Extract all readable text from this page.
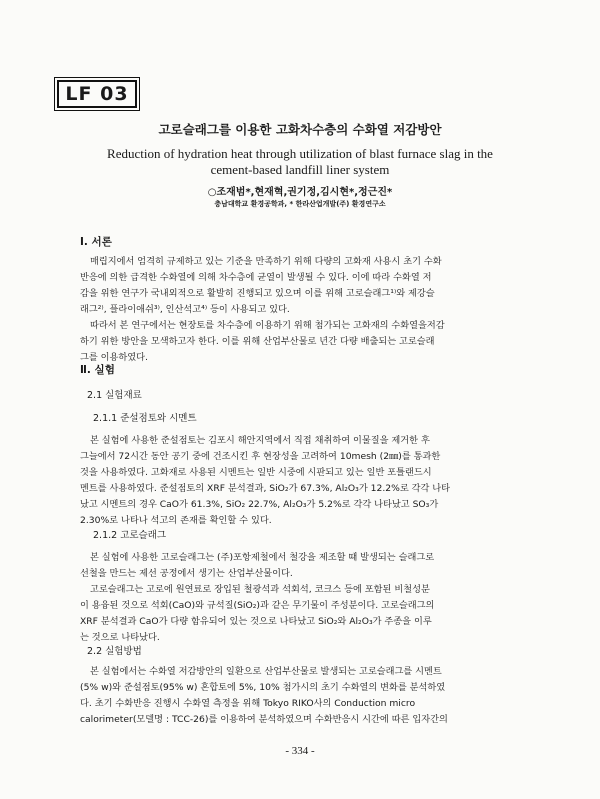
LF 03
고로슬래그를 이용한 고화차수층의 수화열 저감방안
Reduction of hydration heat through utilization of blast furnace slag in the
cement-based landfill liner system
○조재범*,현재혁,권기정,김시현*,정근진*
충남대학교 환경공학과, * 한라산업개발(주) 환경연구소
Ⅰ. 서론

매립지에서 엄격히 규제하고 있는 기준을 만족하기 위해 다량의 고화재 사용시 초기 수화
반응에 의한 급격한 수화열에 의해 차수층에 균열이 발생될 수 있다. 이에 따라 수화열 저
감을 위한 연구가 국내외적으로 활발히 진행되고 있으며 이를 위해 고로슬래그¹⁾와 제강슬
래그²⁾, 플라이애쉬³⁾, 인산석고⁴⁾ 등이 사용되고 있다.

따라서 본 연구에서는 현장토를 차수층에 이용하기 위해 첨가되는 고화재의 수화열을저감
하기 위한 방안을 모색하고자 한다. 이를 위해 산업부산물로 년간 다량 배출되는 고로슬래
그를 이용하였다.

Ⅱ. 실험
2.1 실험재료
2.1.1 준설점토와 시멘트

본 실험에 사용한 준설점토는 김포시 해안지역에서 직접 채취하여 이물질을 제거한 후
그늘에서 72시간 동안 공기 중에 건조시킨 후 현장성을 고려하여 10mesh (2㎜)를 통과한
것을 사용하였다. 고화재로 사용된 시멘트는 일반 시중에 시판되고 있는 일반 포틀랜드시
멘트를 사용하였다. 준설점토의 XRF 분석결과, SiO₂가 67.3%, Al₂O₃가 12.2%로 각각 나타
났고 시멘트의 경우 CaO가 61.3%, SiO₂ 22.7%, Al₂O₃가 5.2%로 각각 나타났고 SO₃가
2.30%로 나타나 석고의 존재를 확인할 수 있다.

2.1.2 고로슬래그

본 실험에 사용한 고로슬래그는 (주)포항제철에서 철강을 제조할 때 발생되는 슬래그로
선철을 만드는 제선 공정에서 생기는 산업부산물이다.

고로슬래그는 고로에 원연료로 장입된 철광석과 석회석, 코크스 등에 포함된 비철성분
이 용융된 것으로 석회(CaO)와 규석질(SiO₂)과 같은 무기물이 주성분이다. 고로슬래그의
XRF 분석결과 CaO가 다량 함유되어 있는 것으로 나타났고 SiO₂와 Al₂O₃가 주종을 이루
는 것으로 나타났다.

2.2 실험방법

본 실험에서는 수화열 저감방안의 일환으로 산업부산물로 발생되는 고로슬래그를 시멘트
(5% w)와 준설점토(95% w) 혼합토에 5%, 10% 첨가시의 초기 수화열의 변화를 분석하였
다. 초기 수화반응 진행시 수화열 측정을 위해 Tokyo RIKO사의 Conduction micro
calorimeter(모델명 : TCC-26)를 이용하여 분석하였으며 수화반응시 시간에 따른 입자간의

- 334 -
